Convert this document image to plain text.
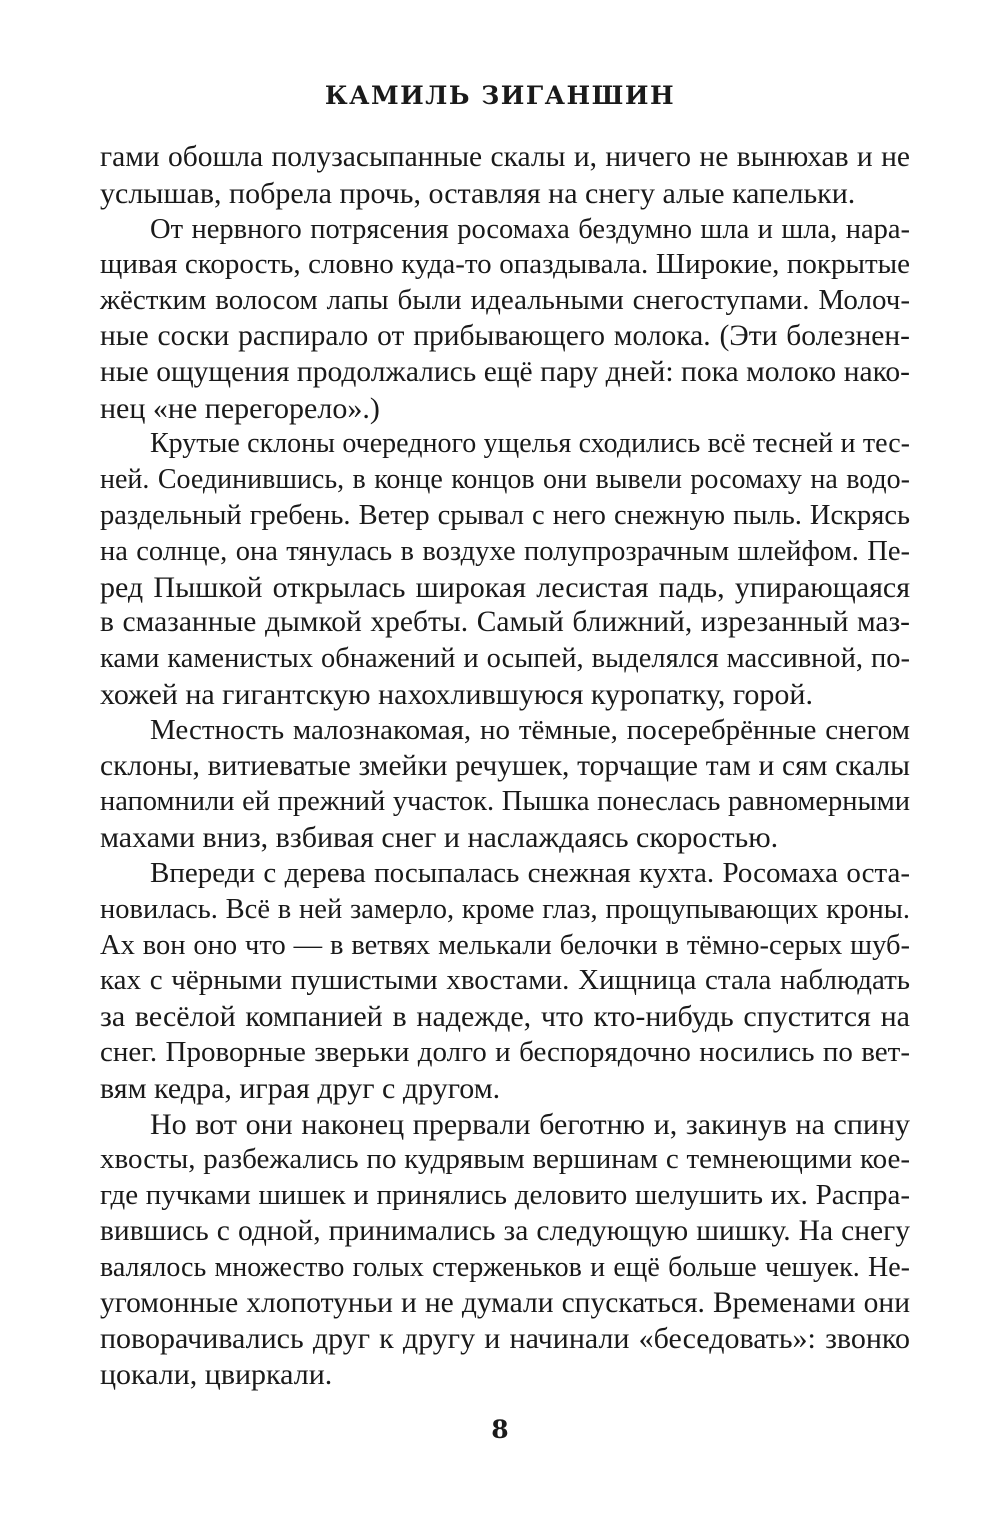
КАМИЛЬ ЗИГАНШИН
гами обошла полузасыпанные скалы и, ничего не вынюхав и не
услышав, побрела прочь, оставляя на снегу алые капельки.
От нервного потрясения росомаха бездумно шла и шла, нара-
щивая скорость, словно куда-то опаздывала. Широкие, покрытые
жёстким волосом лапы были идеальными снегоступами. Молоч-
ные соски распирало от прибывающего молока. (Эти болезнен-
ные ощущения продолжались ещё пару дней: пока молоко нако-
нец «не перегорело».)
Крутые склоны очередного ущелья сходились всё тесней и тес-
ней. Соединившись, в конце концов они вывели росомаху на водо-
раздельный гребень. Ветер срывал с него снежную пыль. Искрясь
на солнце, она тянулась в воздухе полупрозрачным шлейфом. Пе-
ред Пышкой открылась широкая лесистая падь, упирающаяся
в смазанные дымкой хребты. Самый ближний, изрезанный маз-
ками каменистых обнажений и осыпей, выделялся массивной, по-
хожей на гигантскую нахохлившуюся куропатку, горой.
Местность малознакомая, но тёмные, посеребрённые снегом
склоны, витиеватые змейки речушек, торчащие там и сям скалы
напомнили ей прежний участок. Пышка понеслась равномерными
махами вниз, взбивая снег и наслаждаясь скоростью.
Впереди с дерева посыпалась снежная кухта. Росомаха оста-
новилась. Всё в ней замерло, кроме глаз, прощупывающих кроны.
Ах вон оно что — в ветвях мелькали белочки в тёмно-серых шуб-
ках с чёрными пушистыми хвостами. Хищница стала наблюдать
за весёлой компанией в надежде, что кто-нибудь спустится на
снег. Проворные зверьки долго и беспорядочно носились по вет-
вям кедра, играя друг с другом.
Но вот они наконец прервали беготню и, закинув на спину
хвосты, разбежались по кудрявым вершинам с темнеющими кое-
где пучками шишек и принялись деловито шелушить их. Распра-
вившись с одной, принимались за следующую шишку. На снегу
валялось множество голых стерженьков и ещё больше чешуек. Не-
угомонные хлопотуньи и не думали спускаться. Временами они
поворачивались друг к другу и начинали «беседовать»: звонко
цокали, цвиркали.
8
